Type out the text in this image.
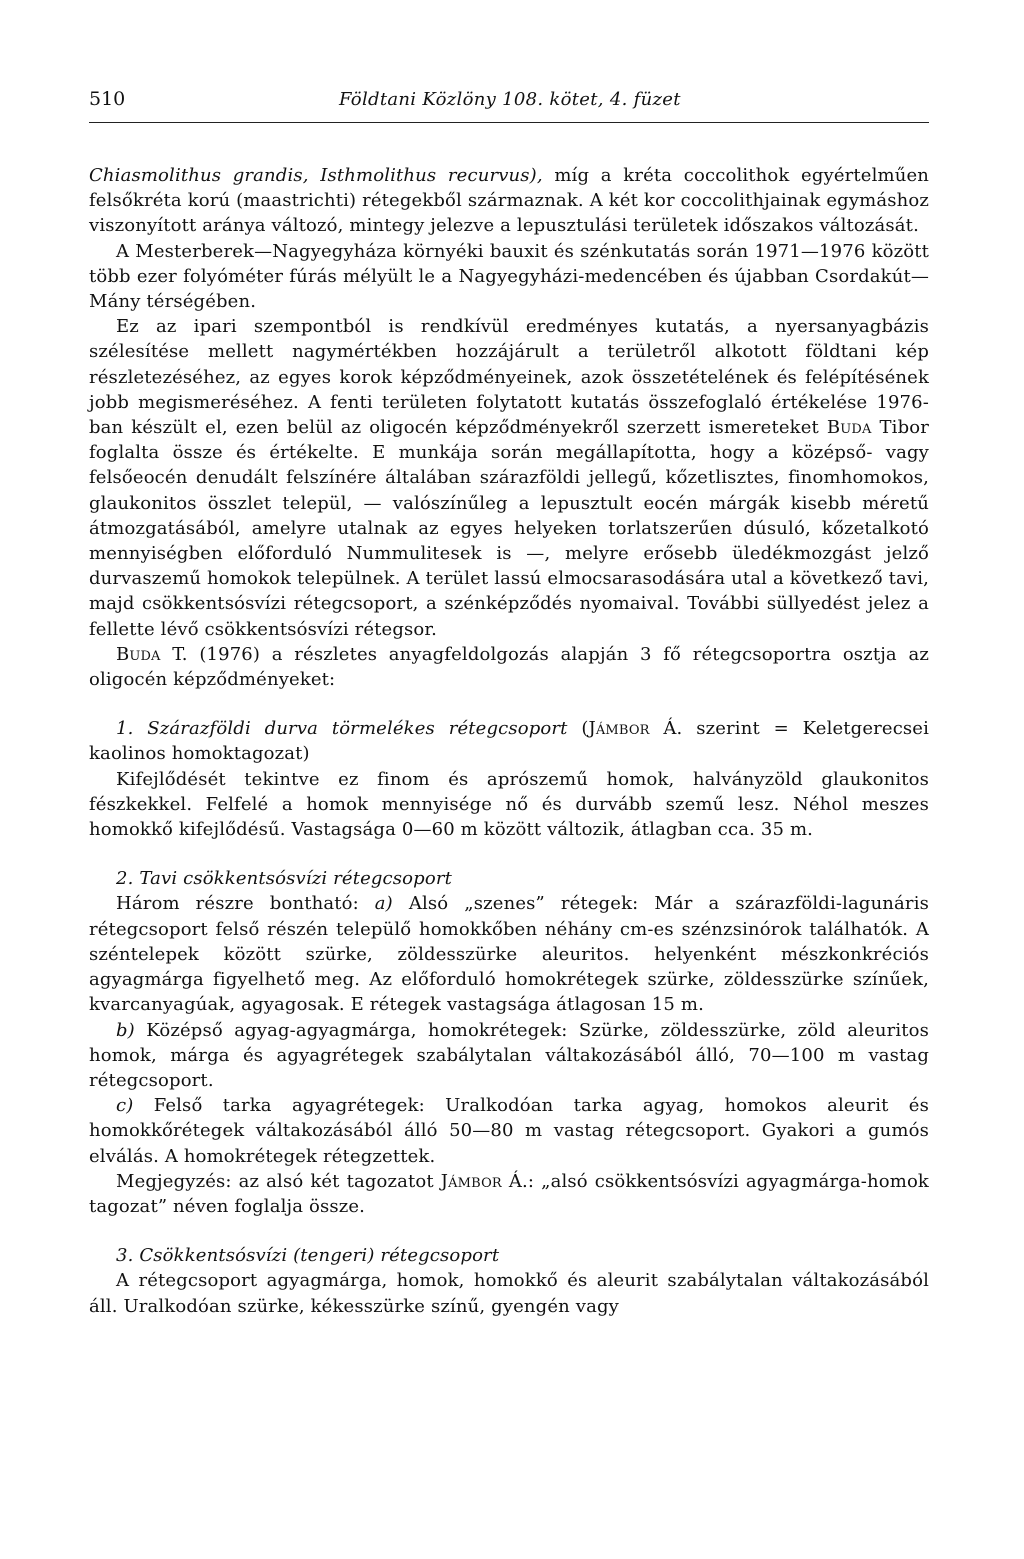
510	Földtani Közlöny 108. kötet, 4. füzet

Chiasmolithus grandis, Isthmolithus recurvus), míg a kréta coccolithok egyértelműen felsőkréta korú (maastrichti) rétegekből származnak. A két kor coccolithjainak egymáshoz viszonyított aránya változó, mintegy jelezve a lepusztulási területek időszakos változását.

A Mesterberek—Nagyegyháza környéki bauxit és szénkutatás során 1971—1976 között több ezer folyóméter fúrás mélyült le a Nagyegyházi-medencében és újabban Csordakút—Mány térségében.

Ez az ipari szempontból is rendkívül eredményes kutatás, a nyersanyagbázis szélesítése mellett nagymértékben hozzájárult a területről alkotott földtani kép részletezéséhez, az egyes korok képződményeinek, azok összetételének és felépítésének jobb megismeréséhez. A fenti területen folytatott kutatás összefoglaló értékelése 1976-ban készült el, ezen belül az oligocén képződményekről szerzett ismereteket Buda Tibor foglalta össze és értékelte. E munkája során megállapította, hogy a középső- vagy felsőeocén denudált felszínére általában szárazföldi jellegű, kőzetlisztes, finomhomokos, glaukonitos összlet települ, — valószínűleg a lepusztult eocén márgák kisebb méretű átmozgatásából, amelyre utalnak az egyes helyeken torlatszerűen dúsuló, kőzetalkotó mennyiségben előforduló Nummulitesek is —, melyre erősebb üledékmozgást jelző durvaszemű homokok települnek. A terület lassú elmocsarasodására utal a következő tavi, majd csökkentsósvízi rétegcsoport, a szénképződés nyomaival. További süllyedést jelez a fellette lévő csökkentsósvízi rétegsor.

Buda T. (1976) a részletes anyagfeldolgozás alapján 3 fő rétegcsoportra osztja az oligocén képződményeket:

1. Szárazföldi durva törmelékes rétegcsoport (Jámbor Á. szerint = Keletgerecsei kaolinos homoktagozat)

Kifejlődését tekintve ez finom és aprószemű homok, halványzöld glaukonitos fészkekkel. Felfelé a homok mennyisége nő és durvább szemű lesz. Néhol meszes homokkő kifejlődésű. Vastagsága 0—60 m között változik, átlagban cca. 35 m.

2. Tavi csökkentsósvízi rétegcsoport

Három részre bontható: a) Alsó „szenes” rétegek: Már a szárazföldi-lagunáris rétegcsoport felső részén települő homokkőben néhány cm-es szénzsinórok találhatók. A széntelepek között szürke, zöldesszürke aleuritos. helyenként mészkonkréciós agyagmárga figyelhető meg. Az előforduló homokrétegek szürke, zöldesszürke színűek, kvarcanyagúak, agyagosak. E rétegek vastagsága átlagosan 15 m.

b) Középső agyag-agyagmárga, homokrétegek: Szürke, zöldesszürke, zöld aleuritos homok, márga és agyagrétegek szabálytalan váltakozásából álló, 70—100 m vastag rétegcsoport.

c) Felső tarka agyagrétegek: Uralkodóan tarka agyag, homokos aleurit és homokkőrétegek váltakozásából álló 50—80 m vastag rétegcsoport. Gyakori a gumós elválás. A homokrétegek rétegzettek.

Megjegyzés: az alsó két tagozatot Jámbor Á.: „alsó csökkentsósvízi agyagmárga-homok tagozat” néven foglalja össze.

3. Csökkentsósvízi (tengeri) rétegcsoport

A rétegcsoport agyagmárga, homok, homokkő és aleurit szabálytalan váltakozásából áll. Uralkodóan szürke, kékesszürke színű, gyengén vagy
